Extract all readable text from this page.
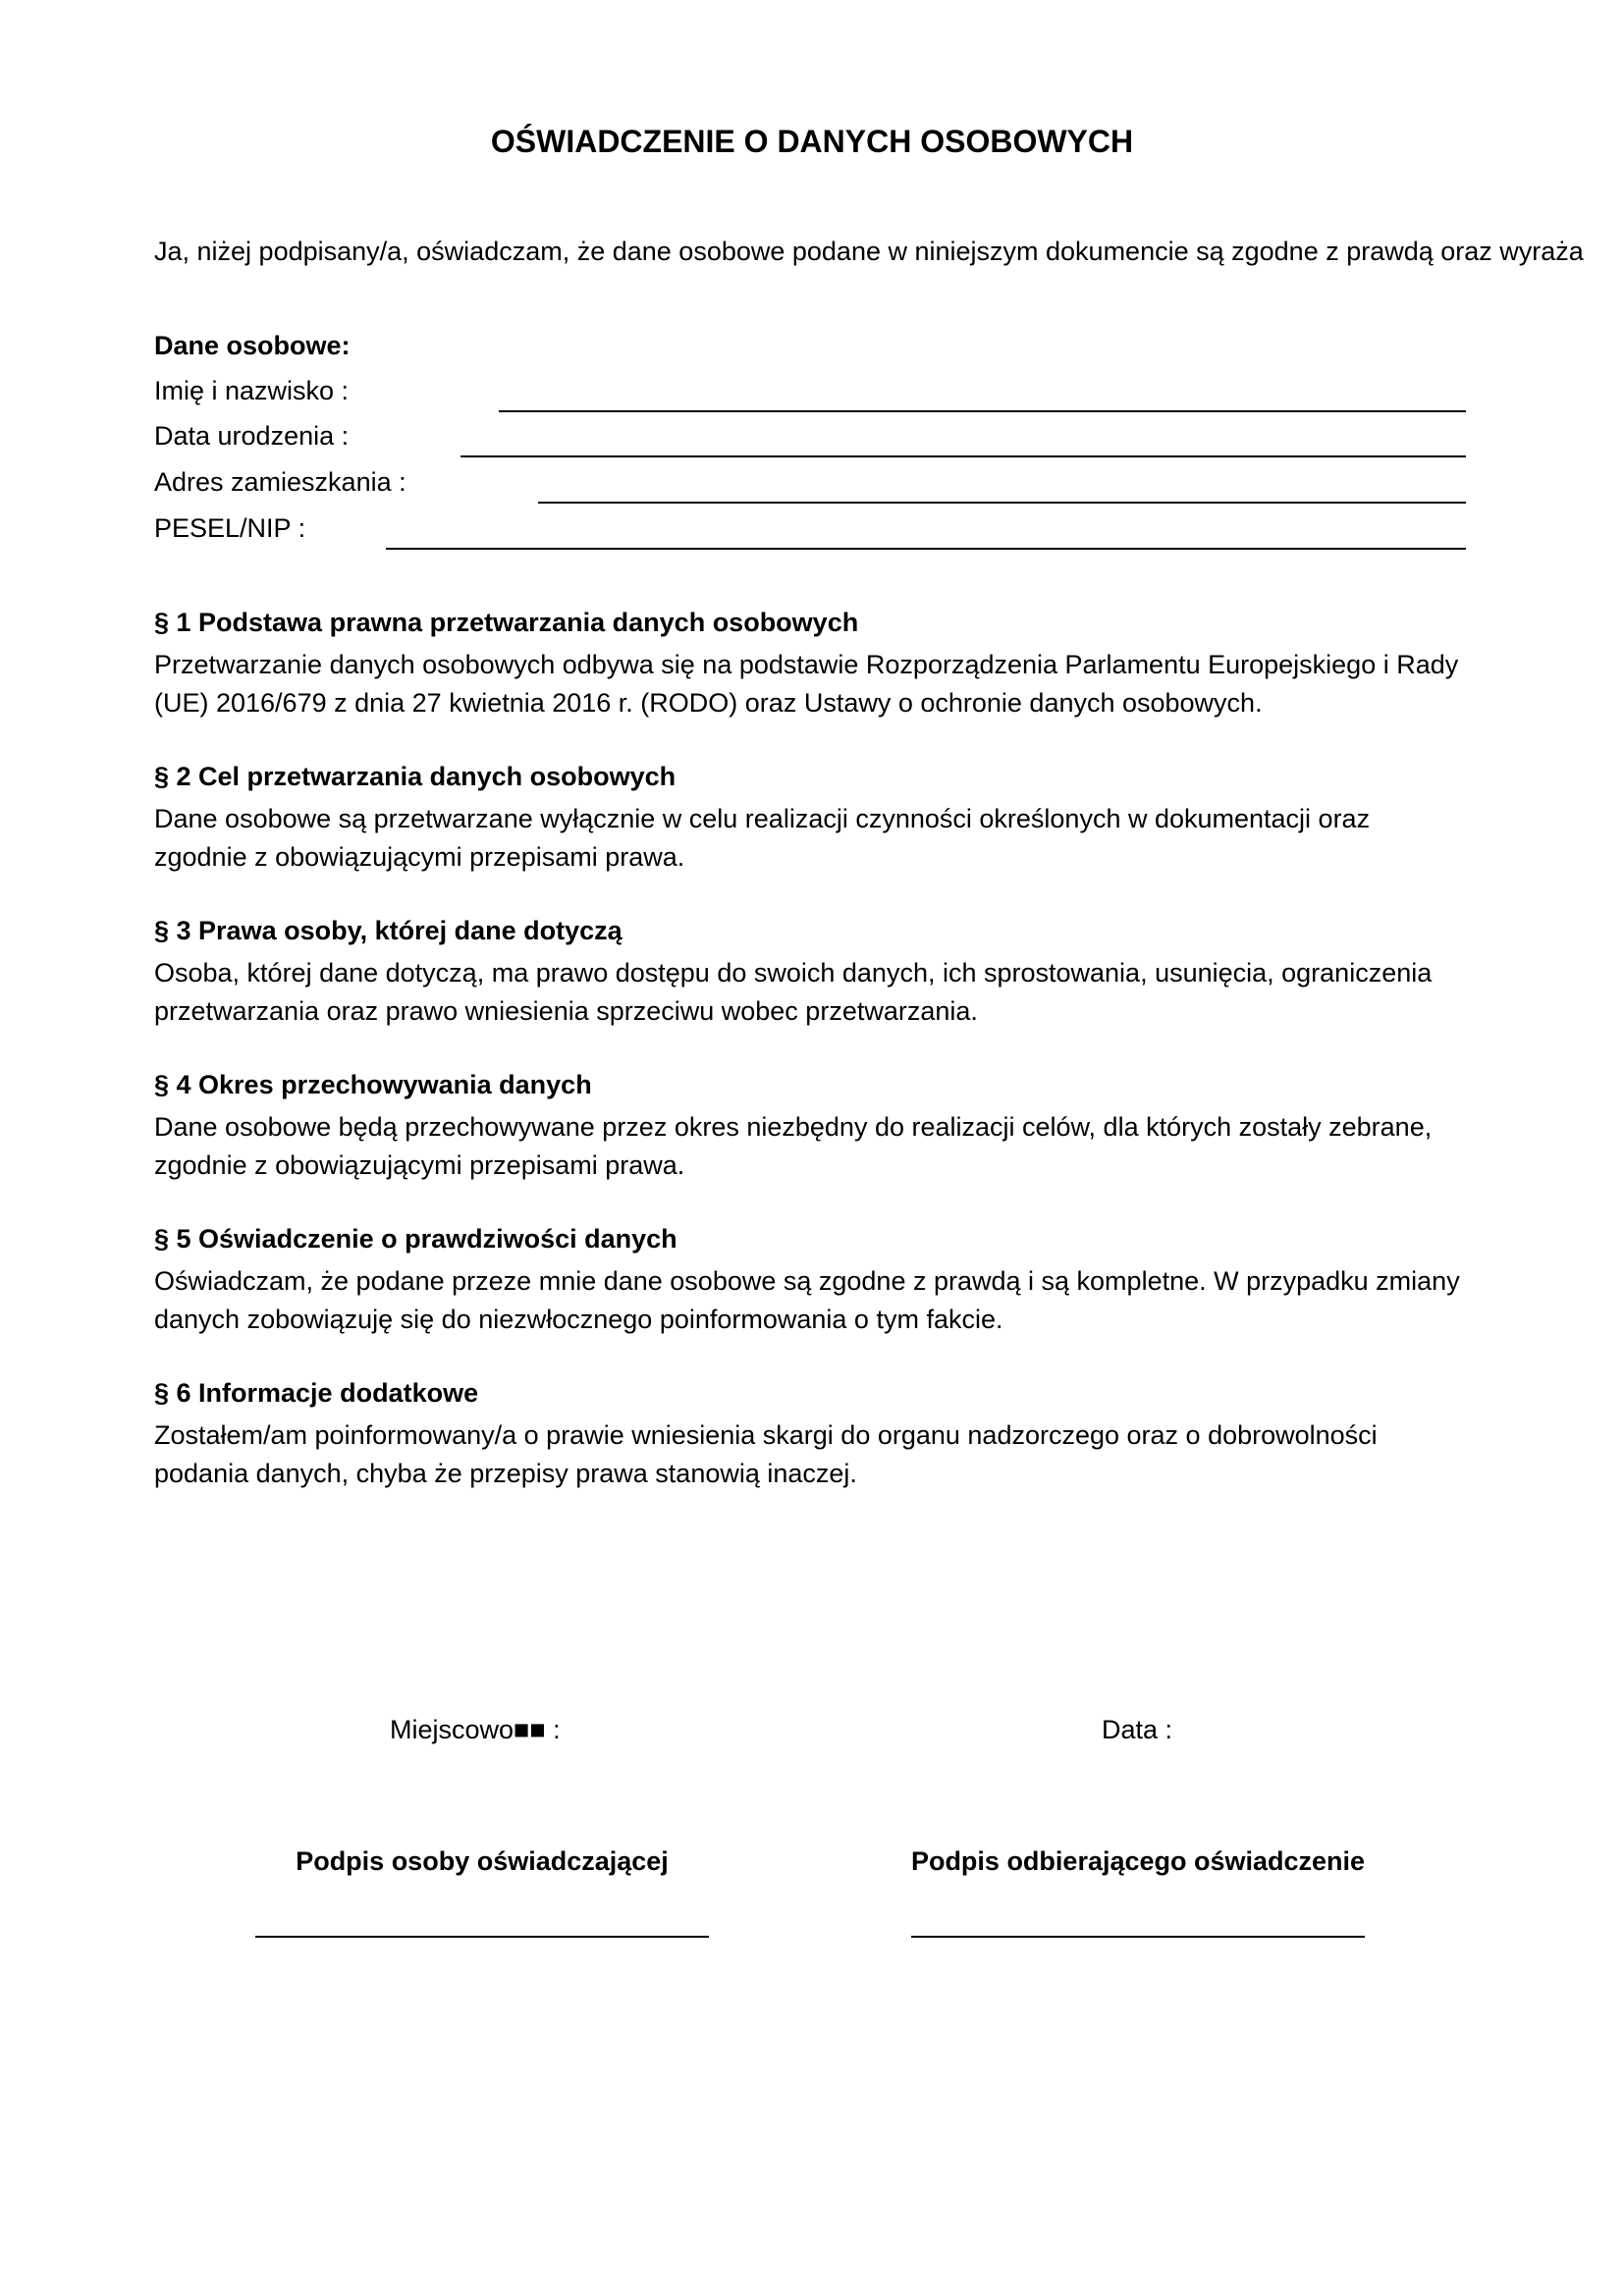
OŚWIADCZENIE O DANYCH OSOBOWYCH

Ja, niżej podpisany/a, oświadczam, że dane osobowe podane w niniejszym dokumencie są zgodne z prawdą oraz wyraża

Dane osobowe:
Imię i nazwisko :
Data urodzenia :
Adres zamieszkania :
PESEL/NIP :
§ 1 Podstawa prawna przetwarzania danych osobowych

Przetwarzanie danych osobowych odbywa się na podstawie Rozporządzenia Parlamentu Europejskiego i Rady (UE) 2016/679 z dnia 27 kwietnia 2016 r. (RODO) oraz Ustawy o ochronie danych osobowych.

§ 2 Cel przetwarzania danych osobowych

Dane osobowe są przetwarzane wyłącznie w celu realizacji czynności określonych w dokumentacji oraz zgodnie z obowiązującymi przepisami prawa.

§ 3 Prawa osoby, której dane dotyczą

Osoba, której dane dotyczą, ma prawo dostępu do swoich danych, ich sprostowania, usunięcia, ograniczenia przetwarzania oraz prawo wniesienia sprzeciwu wobec przetwarzania.

§ 4 Okres przechowywania danych

Dane osobowe będą przechowywane przez okres niezbędny do realizacji celów, dla których zostały zebrane, zgodnie z obowiązującymi przepisami prawa.

§ 5 Oświadczenie o prawdziwości danych

Oświadczam, że podane przeze mnie dane osobowe są zgodne z prawdą i są kompletne. W przypadku zmiany danych zobowiązuję się do niezwłocznego poinformowania o tym fakcie.

§ 6 Informacje dodatkowe

Zostałem/am poinformowany/a o prawie wniesienia skargi do organu nadzorczego oraz o dobrowolności podania danych, chyba że przepisy prawa stanowią inaczej.

Miejscowo■■ :	Data :
Podpis osoby oświadczającej	Podpis odbierającego oświadczenie
